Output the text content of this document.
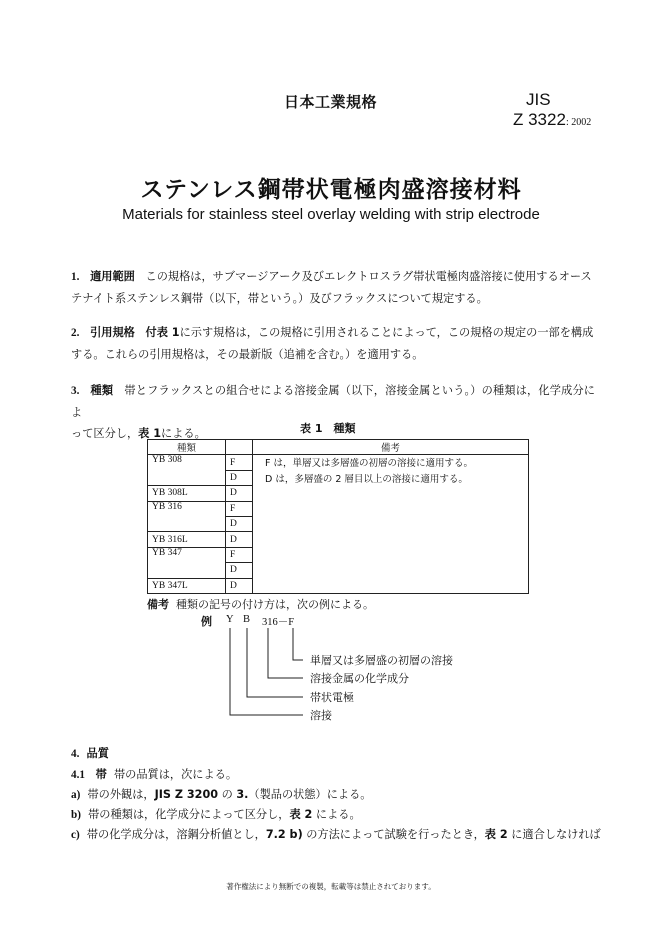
日本工業規格	JIS
Z 3322: 2002
ステンレス鋼帯状電極肉盛溶接材料
Materials for stainless steel overlay welding with strip electrode
1. 適用範囲 この規格は，サブマージアーク及びエレクトロスラグ帯状電極肉盛溶接に使用するオース
テナイト系ステンレス鋼帯（以下，帯という。）及びフラックスについて規定する。
2. 引用規格 付表 1に示す規格は，この規格に引用されることによって，この規格の規定の一部を構成
する。これらの引用規格は，その最新版（追補を含む。）を適用する。
3. 種類 帯とフラックスとの組合せによる溶接金属（以下，溶接金属という。）の種類は，化学成分によ
って区分し，表 1による。	表 1　種類
種類		備考
YB 308	F	F は，単層又は多層盛の初層の溶接に適用する。
D は，多層盛の 2 層目以上の溶接に適用する。

	D	
YB 308L	D	
YB 316	F	
	D	
YB 316L	D	
YB 347	F	
	D	
YB 347L	D	
備考 種類の記号の付け方は，次の例による。
例 Y B 316－F
単層又は多層盛の初層の溶接
溶接金属の化学成分
帯状電極
溶接
4. 品質
4.1 帯 帯の品質は，次による。
a) 帯の外観は，JIS Z 3200 の 3.（製品の状態）による。
b) 帯の種類は，化学成分によって区分し，表 2 による。
c) 帯の化学成分は，溶鋼分析値とし，7.2 b) の方法によって試験を行ったとき，表 2 に適合しなければ
著作権法により無断での複製，転載等は禁止されております。
